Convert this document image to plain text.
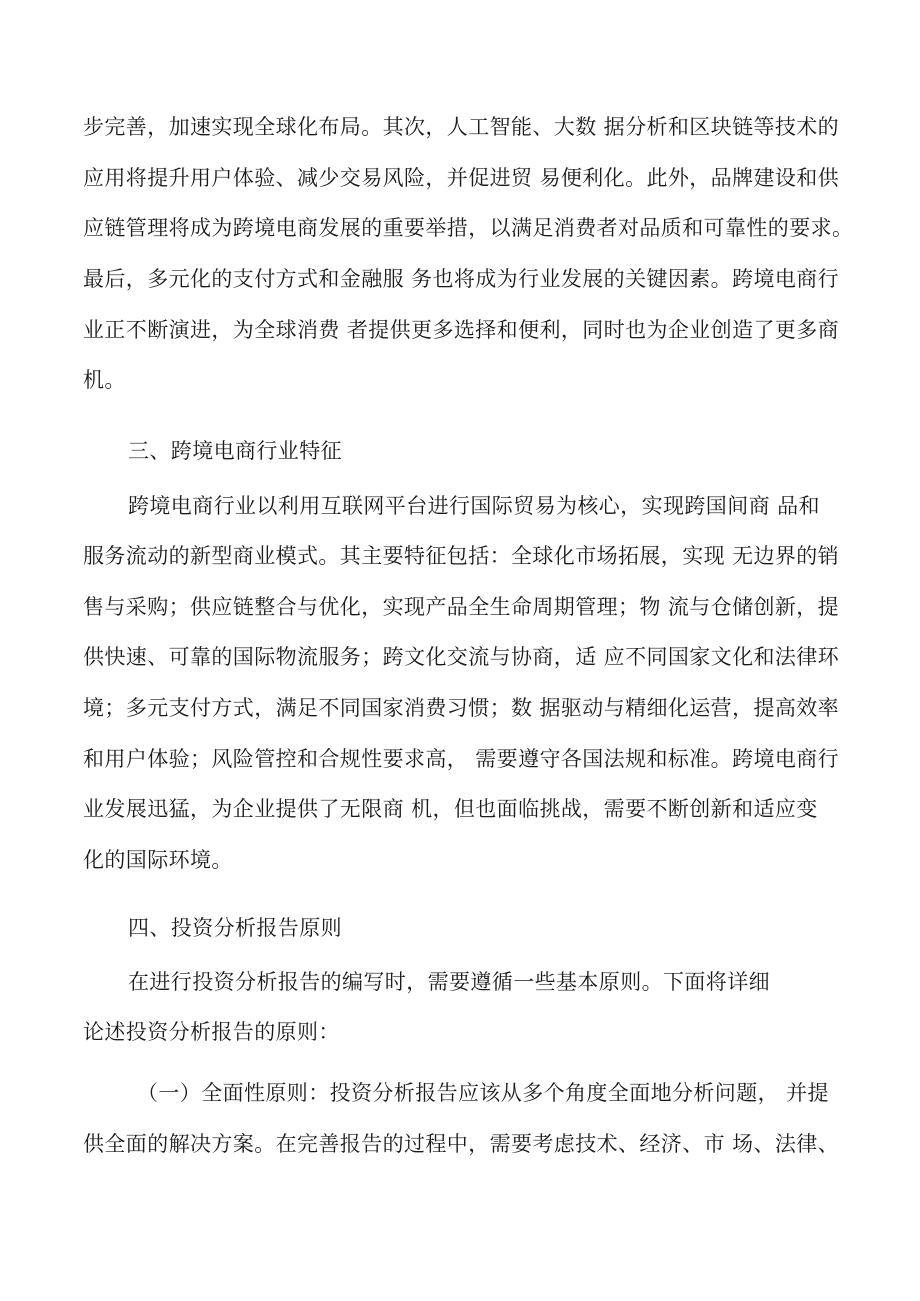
步完善，加速实现全球化布局。其次，人工智能、大数 据分析和区块链等技术的
应用将提升用户体验、减少交易风险，并促进贸 易便利化。此外，品牌建设和供
应链管理将成为跨境电商发展的重要举措，以满足消费者对品质和可靠性的要求。
最后，多元化的支付方式和金融服 务也将成为行业发展的关键因素。跨境电商行
业正不断演进，为全球消费 者提供更多选择和便利，同时也为企业创造了更多商
机。
三、跨境电商行业特征
跨境电商行业以利用互联网平台进行国际贸易为核心，实现跨国间商 品和
服务流动的新型商业模式。其主要特征包括：全球化市场拓展，实现 无边界的销
售与采购；供应链整合与优化，实现产品全生命周期管理；物 流与仓储创新，提
供快速、可靠的国际物流服务；跨文化交流与协商，适 应不同国家文化和法律环
境；多元支付方式，满足不同国家消费习惯；数 据驱动与精细化运营，提高效率
和用户体验；风险管控和合规性要求高， 需要遵守各国法规和标准。跨境电商行
业发展迅猛，为企业提供了无限商 机，但也面临挑战，需要不断创新和适应变
化的国际环境。
四、投资分析报告原则
在进行投资分析报告的编写时，需要遵循一些基本原则。下面将详细
论述投资分析报告的原则：
（一）全面性原则：投资分析报告应该从多个角度全面地分析问题， 并提
供全面的解决方案。在完善报告的过程中，需要考虑技术、经济、市 场、法律、
